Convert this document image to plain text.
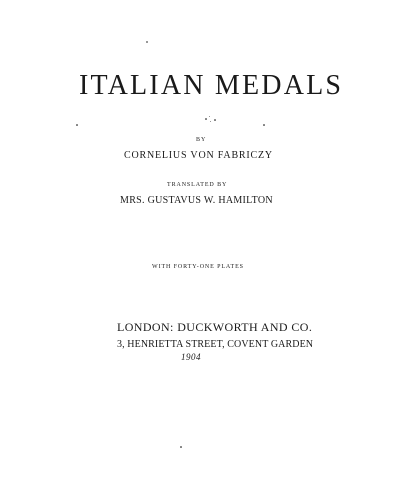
ITALIAN MEDALS

BY

CORNELIUS VON FABRICZY

TRANSLATED BY

MRS. GUSTAVUS W. HAMILTON

WITH FORTY-ONE PLATES

LONDON: DUCKWORTH AND CO.

3, HENRIETTA STREET, COVENT GARDEN

1904
